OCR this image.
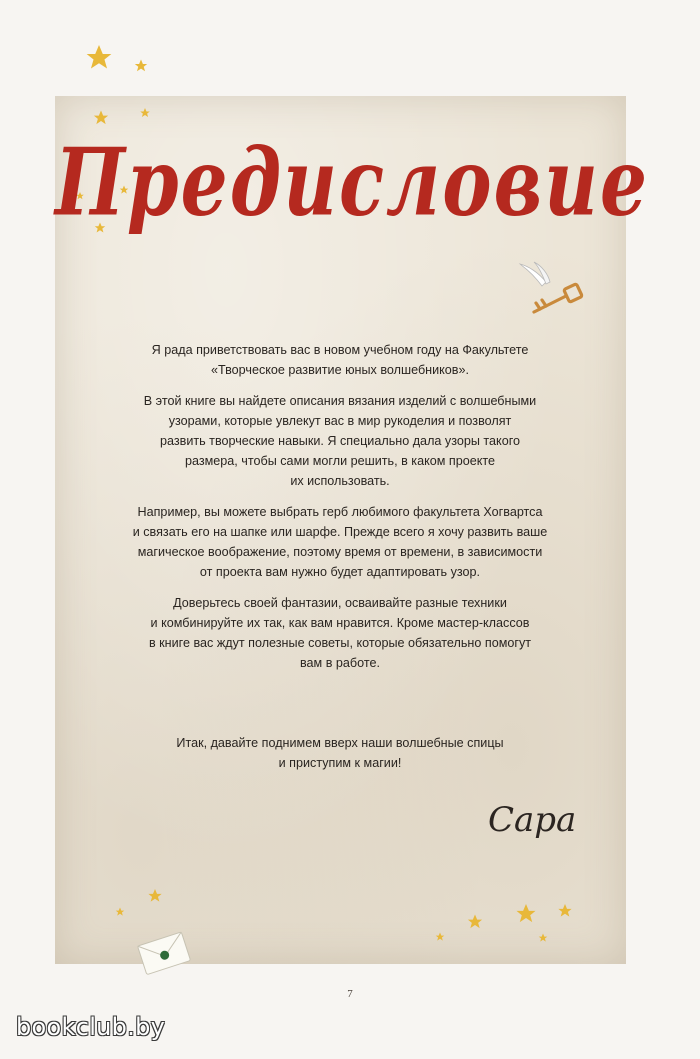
Предисловие

Я рада приветствовать вас в новом учебном году на Факультете
«Творческое развитие юных волшебников».

В этой книге вы найдете описания вязания изделий с волшебными
узорами, которые увлекут вас в мир рукоделия и позволят
развить творческие навыки. Я специально дала узоры такого
размера, чтобы сами могли решить, в каком проекте
их использовать.

Например, вы можете выбрать герб любимого факультета Хогвартса
и связать его на шапке или шарфе. Прежде всего я хочу развить ваше
магическое воображение, поэтому время от времени, в зависимости
от проекта вам нужно будет адаптировать узор.

Доверьтесь своей фантазии, осваивайте разные техники
и комбинируйте их так, как вам нравится. Кроме мастер-классов
в книге вас ждут полезные советы, которые обязательно помогут
вам в работе.

Итак, давайте поднимем вверх наши волшебные спицы
и приступим к магии!

Сара

7
bookclub.by
